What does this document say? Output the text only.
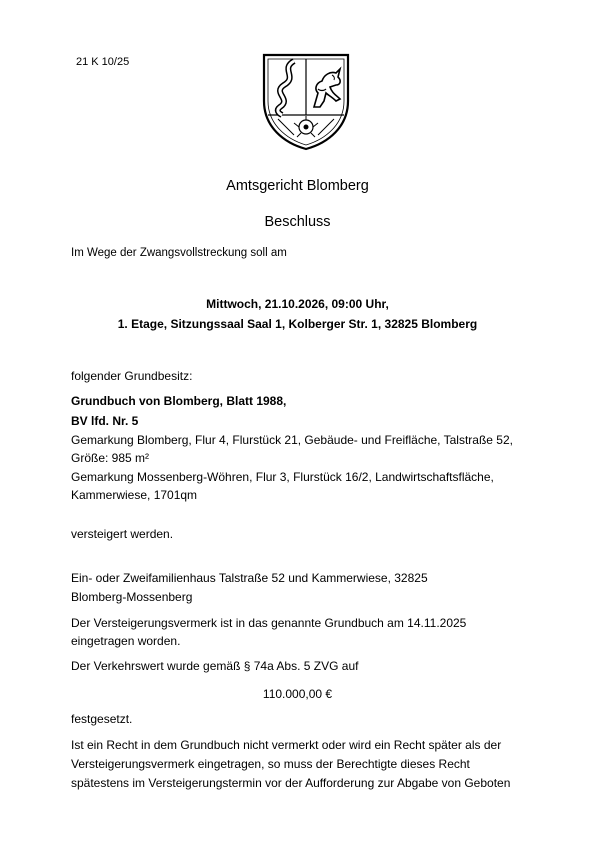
21 K 10/25
Amtsgericht Blomberg
Beschluss
Im Wege der Zwangsvollstreckung soll am
Mittwoch, 21.10.2026, 09:00 Uhr,
1. Etage, Sitzungssaal Saal 1, Kolberger Str. 1, 32825 Blomberg
folgender Grundbesitz:
Grundbuch von Blomberg, Blatt 1988,
BV lfd. Nr. 5
Gemarkung Blomberg, Flur 4, Flurstück 21, Gebäude- und Freifläche, Talstraße 52,
Größe: 985 m²
Gemarkung Mossenberg-Wöhren, Flur 3, Flurstück 16/2, Landwirtschaftsfläche,
Kammerwiese, 1701qm
versteigert werden.
Ein- oder Zweifamilienhaus Talstraße 52 und Kammerwiese, 32825
Blomberg-Mossenberg
Der Versteigerungsvermerk ist in das genannte Grundbuch am 14.11.2025
eingetragen worden.
Der Verkehrswert wurde gemäß § 74a Abs. 5 ZVG auf
110.000,00 €
festgesetzt.
Ist ein Recht in dem Grundbuch nicht vermerkt oder wird ein Recht später als der
Versteigerungsvermerk eingetragen, so muss der Berechtigte dieses Recht
spätestens im Versteigerungstermin vor der Aufforderung zur Abgabe von Geboten
